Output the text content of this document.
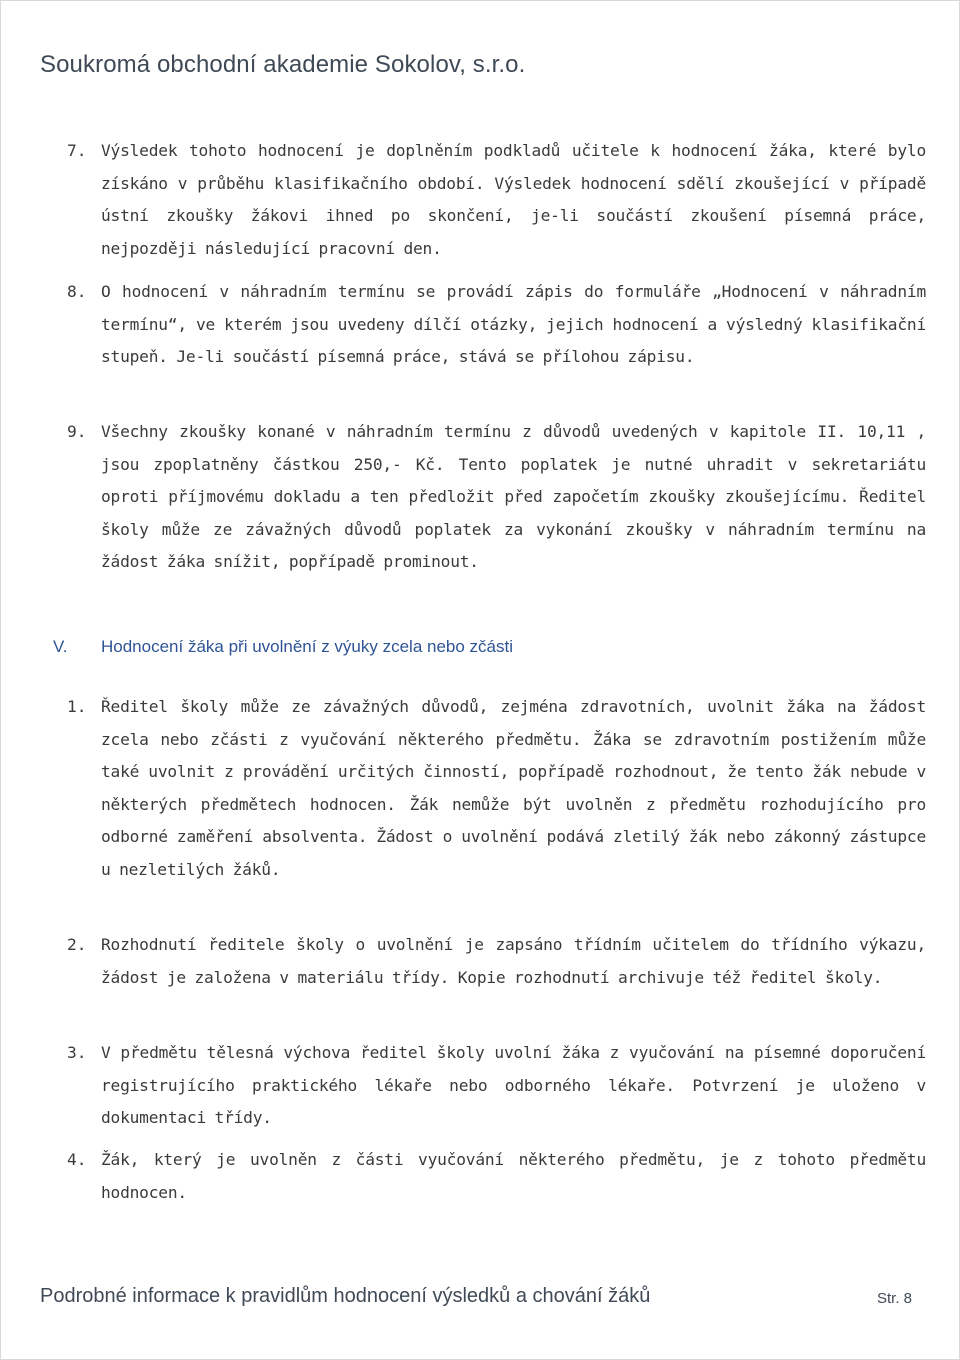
Soukromá obchodní akademie Sokolov, s.r.o.
7. Výsledek tohoto hodnocení je doplněním podkladů učitele k hodnocení žáka, které bylo získáno v průběhu klasifikačního období. Výsledek hodnocení sdělí zkoušející v případě ústní zkoušky žákovi ihned po skončení, je-li součástí zkoušení písemná práce, nejpozději následující pracovní den.
8. O hodnocení v náhradním termínu se provádí zápis do formuláře „Hodnocení v náhradním termínu“, ve kterém jsou uvedeny dílčí otázky, jejich hodnocení a výsledný klasifikační stupeň. Je-li součástí písemná práce, stává se přílohou zápisu.
9. Všechny zkoušky konané v náhradním termínu z důvodů uvedených v kapitole II. 10,11 , jsou zpoplatněny částkou 250,- Kč. Tento poplatek je nutné uhradit v sekretariátu oproti příjmovému dokladu a ten předložit před započetím zkoušky zkoušejícímu. Ředitel školy může ze závažných důvodů poplatek za vykonání zkoušky v náhradním termínu na žádost žáka snížit, popřípadě prominout.
V. Hodnocení žáka při uvolnění z výuky zcela nebo zčásti
1. Ředitel školy může ze závažných důvodů, zejména zdravotních, uvolnit žáka na žádost zcela nebo zčásti z vyučování některého předmětu. Žáka se zdravotním postižením může také uvolnit z provádění určitých činností, popřípadě rozhodnout, že tento žák nebude v některých předmětech hodnocen. Žák nemůže být uvolněn z předmětu rozhodujícího pro odborné zaměření absolventa. Žádost o uvolnění podává zletilý žák nebo zákonný zástupce u nezletilých žáků.
2. Rozhodnutí ředitele školy o uvolnění je zapsáno třídním učitelem do třídního výkazu, žádost je založena v materiálu třídy. Kopie rozhodnutí archivuje též ředitel školy.
3. V předmětu tělesná výchova ředitel školy uvolní žáka z vyučování na písemné doporučení registrujícího praktického lékaře nebo odborného lékaře. Potvrzení je uloženo v dokumentaci třídy.
4. Žák, který je uvolněn z části vyučování některého předmětu, je z tohoto předmětu hodnocen.
Podrobné informace k pravidlům hodnocení výsledků a chování žáků	Str. 8
